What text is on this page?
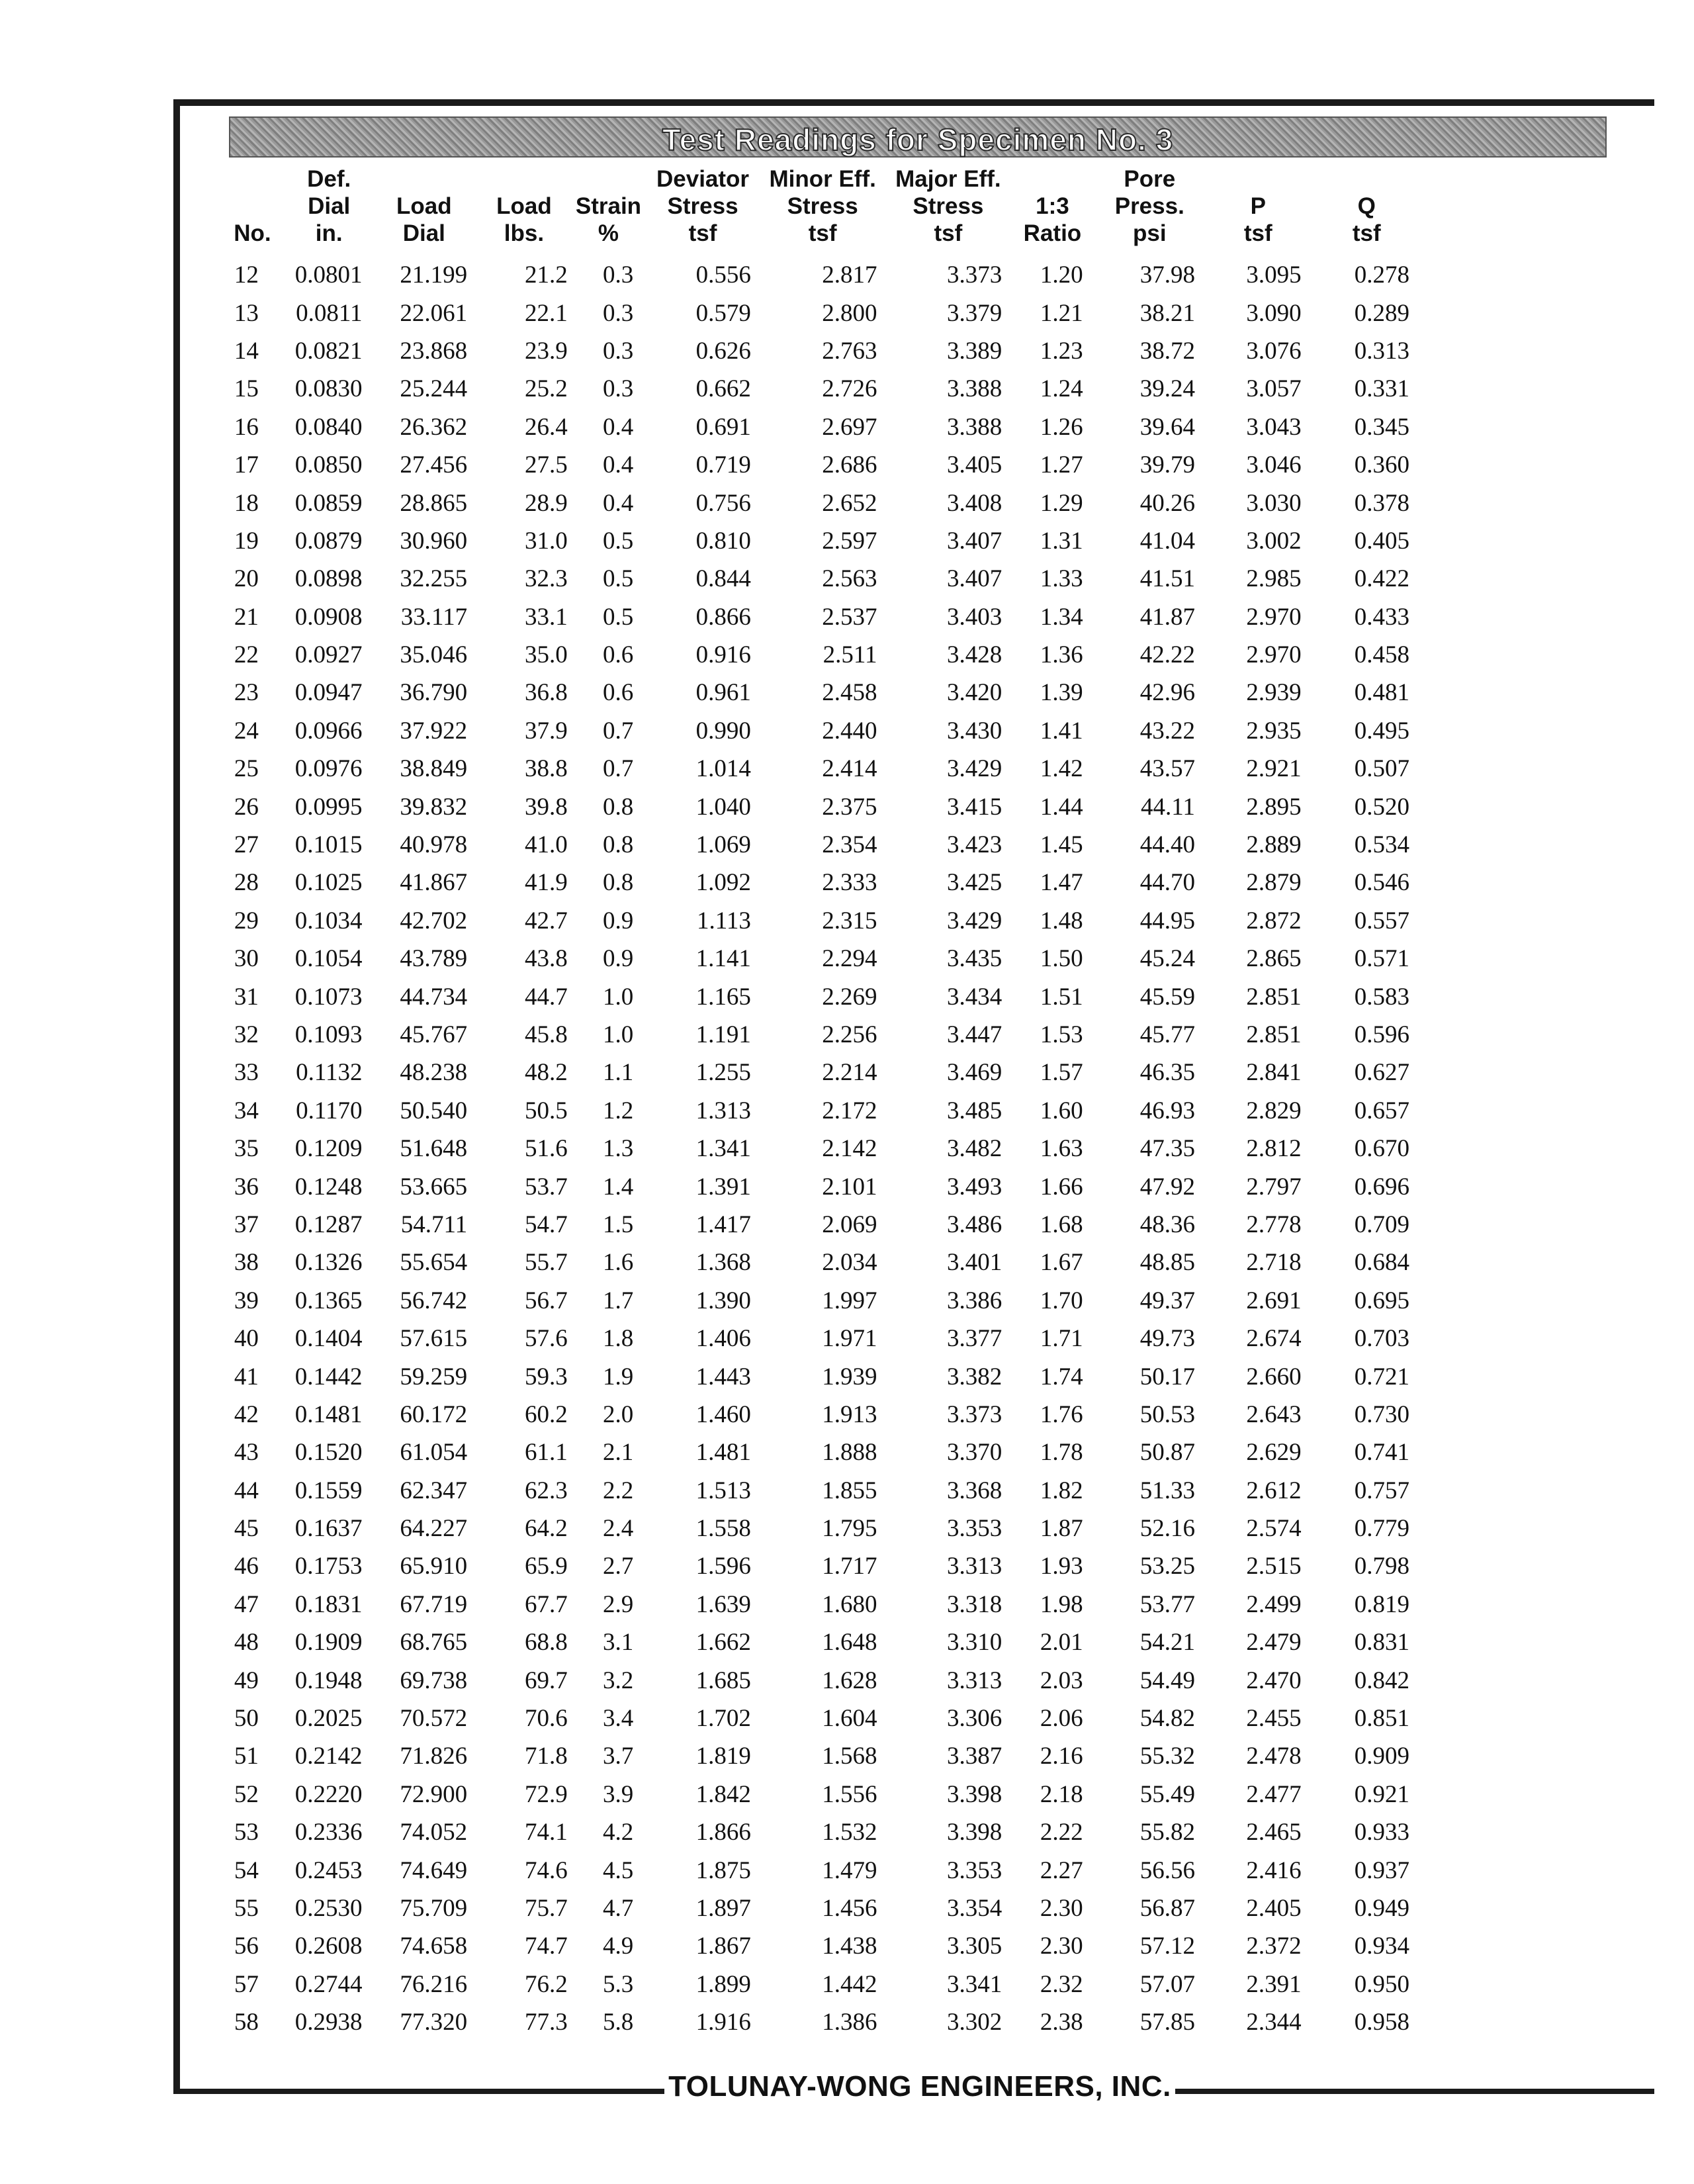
Test Readings for Specimen No. 3
No.	Def.
Dial
in.	Load
Dial	Load
lbs.	Strain
%	Deviator
Stress
tsf	Minor Eff.
Stress
tsf	Major Eff.
Stress
tsf	1:3
Ratio	Pore
Press.
psi	P
tsf	Q
tsf
12	0.0801	21.199	21.2	0.3	0.556	2.817	3.373	1.20	37.98	3.095	0.278
13	0.0811	22.061	22.1	0.3	0.579	2.800	3.379	1.21	38.21	3.090	0.289
14	0.0821	23.868	23.9	0.3	0.626	2.763	3.389	1.23	38.72	3.076	0.313
15	0.0830	25.244	25.2	0.3	0.662	2.726	3.388	1.24	39.24	3.057	0.331
16	0.0840	26.362	26.4	0.4	0.691	2.697	3.388	1.26	39.64	3.043	0.345
17	0.0850	27.456	27.5	0.4	0.719	2.686	3.405	1.27	39.79	3.046	0.360
18	0.0859	28.865	28.9	0.4	0.756	2.652	3.408	1.29	40.26	3.030	0.378
19	0.0879	30.960	31.0	0.5	0.810	2.597	3.407	1.31	41.04	3.002	0.405
20	0.0898	32.255	32.3	0.5	0.844	2.563	3.407	1.33	41.51	2.985	0.422
21	0.0908	33.117	33.1	0.5	0.866	2.537	3.403	1.34	41.87	2.970	0.433
22	0.0927	35.046	35.0	0.6	0.916	2.511	3.428	1.36	42.22	2.970	0.458
23	0.0947	36.790	36.8	0.6	0.961	2.458	3.420	1.39	42.96	2.939	0.481
24	0.0966	37.922	37.9	0.7	0.990	2.440	3.430	1.41	43.22	2.935	0.495
25	0.0976	38.849	38.8	0.7	1.014	2.414	3.429	1.42	43.57	2.921	0.507
26	0.0995	39.832	39.8	0.8	1.040	2.375	3.415	1.44	44.11	2.895	0.520
27	0.1015	40.978	41.0	0.8	1.069	2.354	3.423	1.45	44.40	2.889	0.534
28	0.1025	41.867	41.9	0.8	1.092	2.333	3.425	1.47	44.70	2.879	0.546
29	0.1034	42.702	42.7	0.9	1.113	2.315	3.429	1.48	44.95	2.872	0.557
30	0.1054	43.789	43.8	0.9	1.141	2.294	3.435	1.50	45.24	2.865	0.571
31	0.1073	44.734	44.7	1.0	1.165	2.269	3.434	1.51	45.59	2.851	0.583
32	0.1093	45.767	45.8	1.0	1.191	2.256	3.447	1.53	45.77	2.851	0.596
33	0.1132	48.238	48.2	1.1	1.255	2.214	3.469	1.57	46.35	2.841	0.627
34	0.1170	50.540	50.5	1.2	1.313	2.172	3.485	1.60	46.93	2.829	0.657
35	0.1209	51.648	51.6	1.3	1.341	2.142	3.482	1.63	47.35	2.812	0.670
36	0.1248	53.665	53.7	1.4	1.391	2.101	3.493	1.66	47.92	2.797	0.696
37	0.1287	54.711	54.7	1.5	1.417	2.069	3.486	1.68	48.36	2.778	0.709
38	0.1326	55.654	55.7	1.6	1.368	2.034	3.401	1.67	48.85	2.718	0.684
39	0.1365	56.742	56.7	1.7	1.390	1.997	3.386	1.70	49.37	2.691	0.695
40	0.1404	57.615	57.6	1.8	1.406	1.971	3.377	1.71	49.73	2.674	0.703
41	0.1442	59.259	59.3	1.9	1.443	1.939	3.382	1.74	50.17	2.660	0.721
42	0.1481	60.172	60.2	2.0	1.460	1.913	3.373	1.76	50.53	2.643	0.730
43	0.1520	61.054	61.1	2.1	1.481	1.888	3.370	1.78	50.87	2.629	0.741
44	0.1559	62.347	62.3	2.2	1.513	1.855	3.368	1.82	51.33	2.612	0.757
45	0.1637	64.227	64.2	2.4	1.558	1.795	3.353	1.87	52.16	2.574	0.779
46	0.1753	65.910	65.9	2.7	1.596	1.717	3.313	1.93	53.25	2.515	0.798
47	0.1831	67.719	67.7	2.9	1.639	1.680	3.318	1.98	53.77	2.499	0.819
48	0.1909	68.765	68.8	3.1	1.662	1.648	3.310	2.01	54.21	2.479	0.831
49	0.1948	69.738	69.7	3.2	1.685	1.628	3.313	2.03	54.49	2.470	0.842
50	0.2025	70.572	70.6	3.4	1.702	1.604	3.306	2.06	54.82	2.455	0.851
51	0.2142	71.826	71.8	3.7	1.819	1.568	3.387	2.16	55.32	2.478	0.909
52	0.2220	72.900	72.9	3.9	1.842	1.556	3.398	2.18	55.49	2.477	0.921
53	0.2336	74.052	74.1	4.2	1.866	1.532	3.398	2.22	55.82	2.465	0.933
54	0.2453	74.649	74.6	4.5	1.875	1.479	3.353	2.27	56.56	2.416	0.937
55	0.2530	75.709	75.7	4.7	1.897	1.456	3.354	2.30	56.87	2.405	0.949
56	0.2608	74.658	74.7	4.9	1.867	1.438	3.305	2.30	57.12	2.372	0.934
57	0.2744	76.216	76.2	5.3	1.899	1.442	3.341	2.32	57.07	2.391	0.950
58	0.2938	77.320	77.3	5.8	1.916	1.386	3.302	2.38	57.85	2.344	0.958
TOLUNAY-WONG ENGINEERS, INC.
